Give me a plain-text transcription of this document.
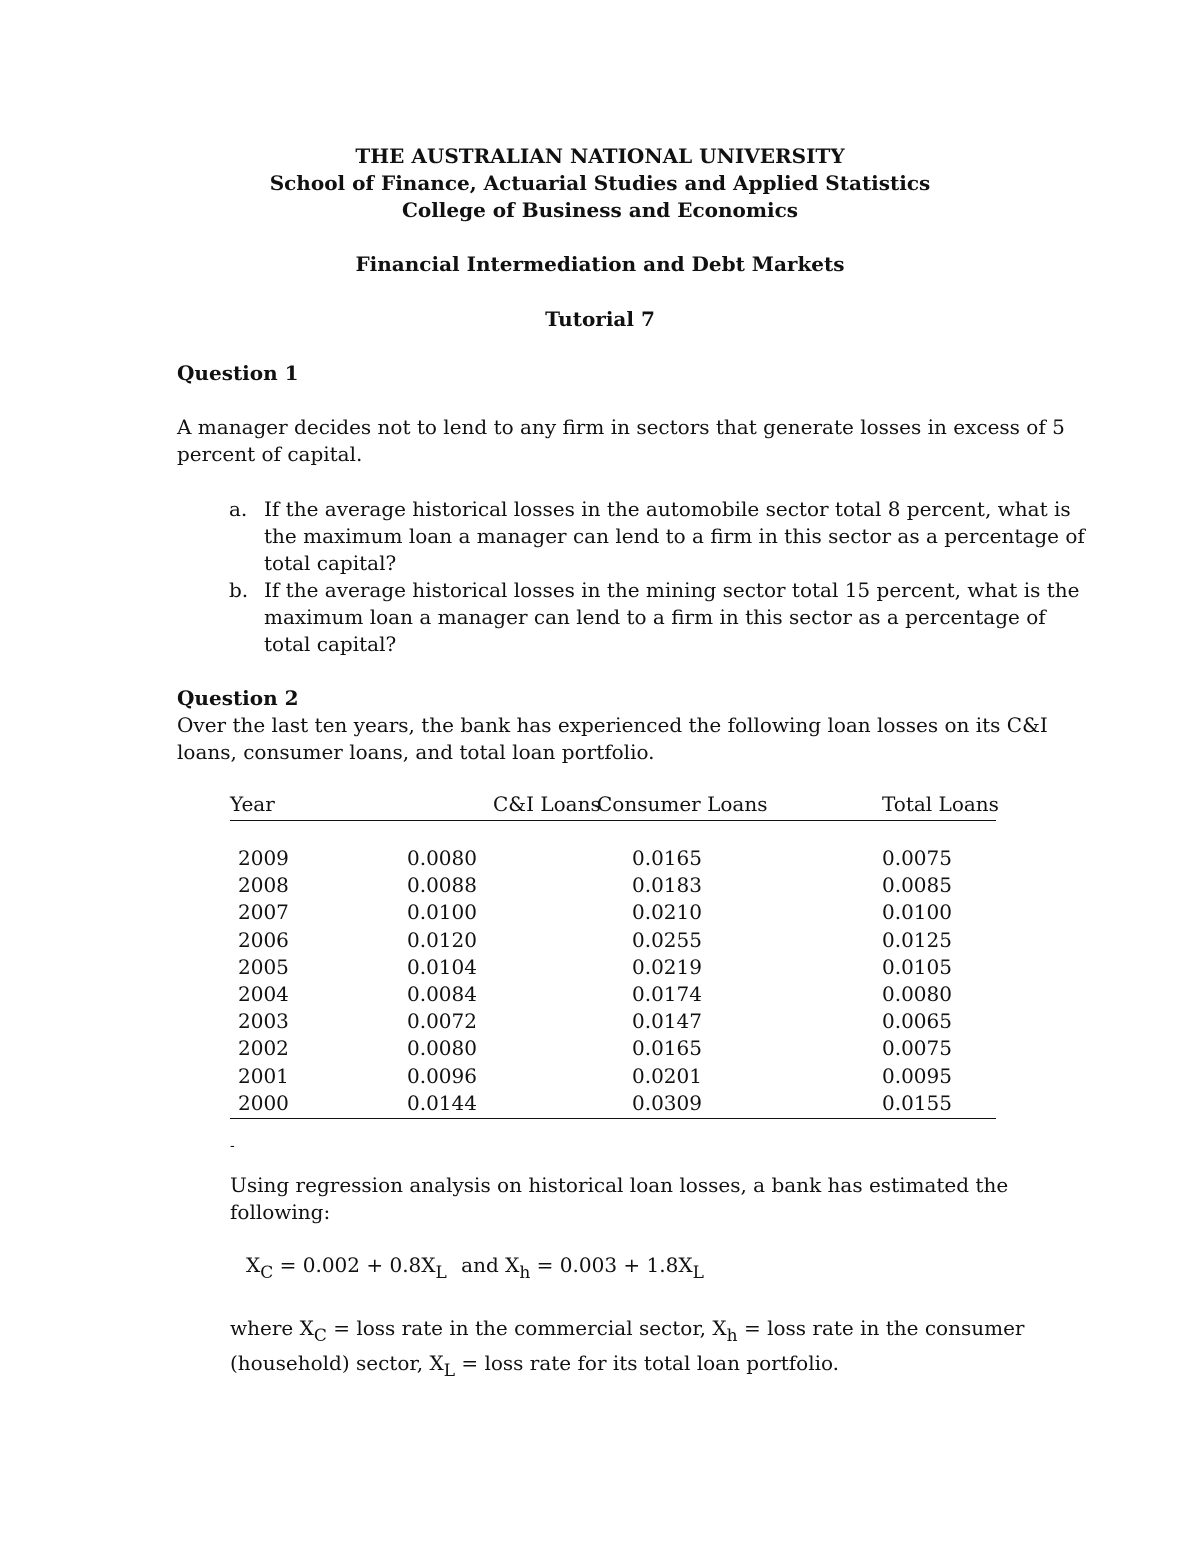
THE AUSTRALIAN NATIONAL UNIVERSITY
School of Finance, Actuarial Studies and Applied Statistics
College of Business and Economics
Financial Intermediation and Debt Markets
Tutorial 7
Question 1
A manager decides not to lend to any firm in sectors that generate losses in excess of 5
percent of capital.
a. If the average historical losses in the automobile sector total 8 percent, what is
the maximum loan a manager can lend to a firm in this sector as a percentage of
total capital?
b. If the average historical losses in the mining sector total 15 percent, what is the
maximum loan a manager can lend to a firm in this sector as a percentage of
total capital?
Question 2
Over the last ten years, the bank has experienced the following loan losses on its C&I
loans, consumer loans, and total loan portfolio.
Year	C&I Loans	Consumer Loans	Total Loans

2009	0.0080	0.0165	0.0075
2008	0.0088	0.0183	0.0085
2007	0.0100	0.0210	0.0100
2006	0.0120	0.0255	0.0125
2005	0.0104	0.0219	0.0105
2004	0.0084	0.0174	0.0080
2003	0.0072	0.0147	0.0065
2002	0.0080	0.0165	0.0075
2001	0.0096	0.0201	0.0095
2000	0.0144	0.0309	0.0155
-
Using regression analysis on historical loan losses, a bank has estimated the
following:
$X_C = 0.002 + 0.8X_L$ and $X_h = 0.003 + 1.8X_L$
where $X_C$ = loss rate in the commercial sector, $X_h$ = loss rate in the consumer
(household) sector, $X_L$ = loss rate for its total loan portfolio.
